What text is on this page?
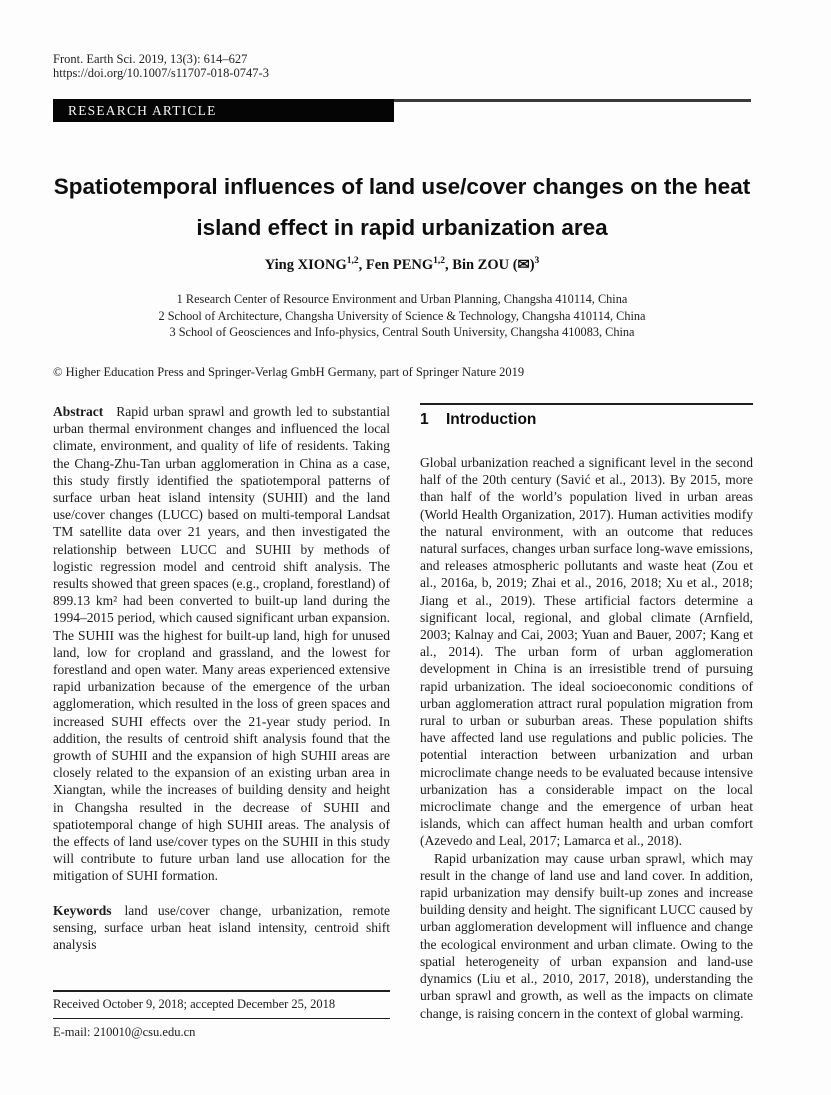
Front. Earth Sci. 2019, 13(3): 614–627
https://doi.org/10.1007/s11707-018-0747-3
RESEARCH ARTICLE
Spatiotemporal influences of land use/cover changes on the heat island effect in rapid urbanization area
Ying XIONG$^{1,2}$, Fen PENG$^{1,2}$, Bin ZOU (✉)$^3$
1 Research Center of Resource Environment and Urban Planning, Changsha 410114, China
2 School of Architecture, Changsha University of Science & Technology, Changsha 410114, China
3 School of Geosciences and Info-physics, Central South University, Changsha 410083, China
© Higher Education Press and Springer-Verlag GmbH Germany, part of Springer Nature 2019

Abstract Rapid urban sprawl and growth led to substantial urban thermal environment changes and influenced the local climate, environment, and quality of life of residents. Taking the Chang-Zhu-Tan urban agglomeration in China as a case, this study firstly identified the spatiotemporal patterns of surface urban heat island intensity (SUHII) and the land use/cover changes (LUCC) based on multi-temporal Landsat TM satellite data over 21 years, and then investigated the relationship between LUCC and SUHII by methods of logistic regression model and centroid shift analysis. The results showed that green spaces (e.g., cropland, forestland) of 899.13 km² had been converted to built-up land during the 1994–2015 period, which caused significant urban expansion. The SUHII was the highest for built-up land, high for unused land, low for cropland and grassland, and the lowest for forestland and open water. Many areas experienced extensive rapid urbanization because of the emergence of the urban agglomeration, which resulted in the loss of green spaces and increased SUHI effects over the 21-year study period. In addition, the results of centroid shift analysis found that the growth of SUHII and the expansion of high SUHII areas are closely related to the expansion of an existing urban area in Xiangtan, while the increases of building density and height in Changsha resulted in the decrease of SUHII and spatiotemporal change of high SUHII areas. The analysis of the effects of land use/cover types on the SUHII in this study will contribute to future urban land use allocation for the mitigation of SUHI formation.

Keywords land use/cover change, urbanization, remote sensing, surface urban heat island intensity, centroid shift analysis

1 Introduction

Global urbanization reached a significant level in the second half of the 20th century (Savić et al., 2013). By 2015, more than half of the world’s population lived in urban areas (World Health Organization, 2017). Human activities modify the natural environment, with an outcome that reduces natural surfaces, changes urban surface long-wave emissions, and releases atmospheric pollutants and waste heat (Zou et al., 2016a, b, 2019; Zhai et al., 2016, 2018; Xu et al., 2018; Jiang et al., 2019). These artificial factors determine a significant local, regional, and global climate (Arnfield, 2003; Kalnay and Cai, 2003; Yuan and Bauer, 2007; Kang et al., 2014). The urban form of urban agglomeration development in China is an irresistible trend of pursuing rapid urbanization. The ideal socioeconomic conditions of urban agglomeration attract rural population migration from rural to urban or suburban areas. These population shifts have affected land use regulations and public policies. The potential interaction between urbanization and urban microclimate change needs to be evaluated because intensive urbanization has a considerable impact on the local microclimate change and the emergence of urban heat islands, which can affect human health and urban comfort (Azevedo and Leal, 2017; Lamarca et al., 2018).

Rapid urbanization may cause urban sprawl, which may result in the change of land use and land cover. In addition, rapid urbanization may densify built-up zones and increase building density and height. The significant LUCC caused by urban agglomeration development will influence and change the ecological environment and urban climate. Owing to the spatial heterogeneity of urban expansion and land-use dynamics (Liu et al., 2010, 2017, 2018), understanding the urban sprawl and growth, as well as the impacts on climate change, is raising concern in the context of global warming.

Received October 9, 2018; accepted December 25, 2018
E-mail: 210010@csu.edu.cn
